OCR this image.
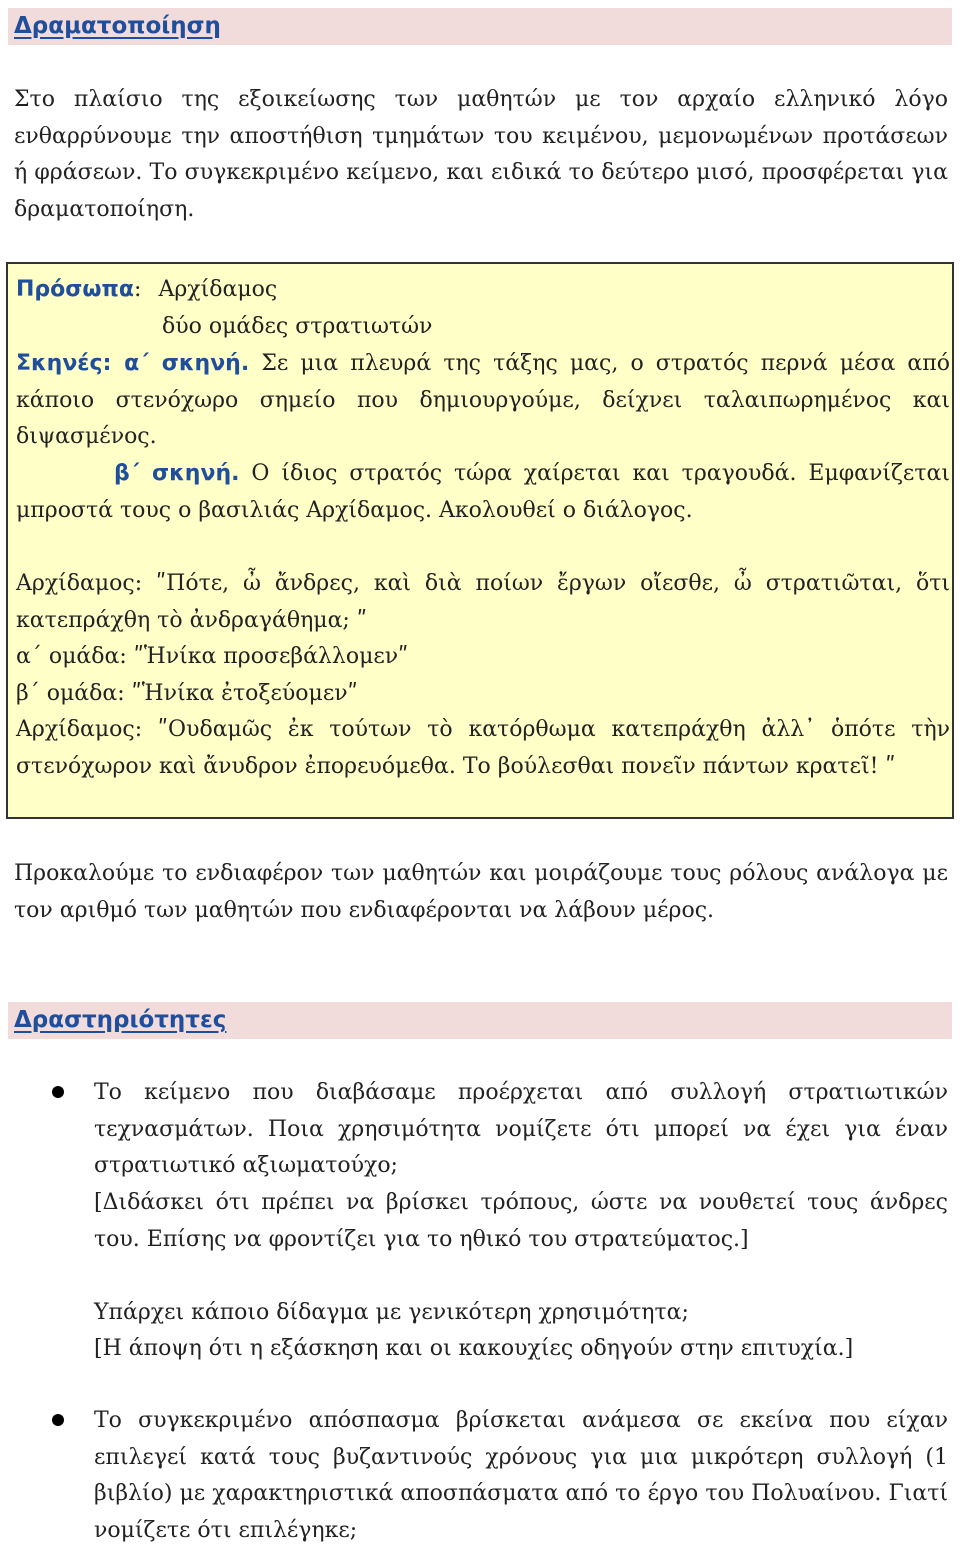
Δραματοποίηση

Στο πλαίσιο της εξοικείωσης των μαθητών με τον αρχαίο ελληνικό λόγο ενθαρρύνουμε την αποστήθιση τμημάτων του κειμένου, μεμονωμένων προτάσεων ή φράσεων. Το συγκεκριμένο κείμενο, και ειδικά το δεύτερο μισό, προσφέρεται για δραματοποίηση.

Πρόσωπα: Αρχίδαμος
δύο ομάδες στρατιωτών

Σκηνές: α΄ σκηνή. Σε μια πλευρά της τάξης μας, ο στρατός περνά μέσα από κάποιο στενόχωρο σημείο που δημιουργούμε, δείχνει ταλαιπωρημένος και διψασμένος.

β΄ σκηνή. Ο ίδιος στρατός τώρα χαίρεται και τραγουδά. Εμφανίζεται μπροστά τους ο βασιλιάς Αρχίδαμος. Ακολουθεί ο διάλογος.

Αρχίδαμος: ʺΠότε, ὦ ἄνδρες, καὶ διὰ ποίων ἔργων οἴεσθε, ὦ στρατιῶται, ὅτι κατεπράχθη τὸ ἀνδραγάθημα; ʺ

α΄ ομάδα: ʺἩνίκα προσεβάλλομενʺ

β΄ ομάδα: ʺἩνίκα ἐτοξεύομενʺ

Αρχίδαμος: ʺΟυδαμῶς ἐκ τούτων τὸ κατόρθωμα κατεπράχθη ἀλλ᾽ ὁπότε τὴν στενόχωρον καὶ ἄνυδρον ἐπορευόμεθα. Το βούλεσθαι πονεῖν πάντων κρατεῖ! ʺ

Προκαλούμε το ενδιαφέρον των μαθητών και μοιράζουμε τους ρόλους ανάλογα με τον αριθμό των μαθητών που ενδιαφέρονται να λάβουν μέρος.

Δραστηριότητες

Το κείμενο που διαβάσαμε προέρχεται από συλλογή στρατιωτικών τεχνασμάτων. Ποια χρησιμότητα νομίζετε ότι μπορεί να έχει για έναν στρατιωτικό αξιωματούχο;

[Διδάσκει ότι πρέπει να βρίσκει τρόπους, ώστε να νουθετεί τους άνδρες του. Επίσης να φροντίζει για το ηθικό του στρατεύματος.]

Υπάρχει κάποιο δίδαγμα με γενικότερη χρησιμότητα;

[Η άποψη ότι η εξάσκηση και οι κακουχίες οδηγούν στην επιτυχία.]

Το συγκεκριμένο απόσπασμα βρίσκεται ανάμεσα σε εκείνα που είχαν επιλεγεί κατά τους βυζαντινούς χρόνους για μια μικρότερη συλλογή (1 βιβλίο) με χαρακτηριστικά αποσπάσματα από το έργο του Πολυαίνου. Γιατί νομίζετε ότι επιλέγηκε;
